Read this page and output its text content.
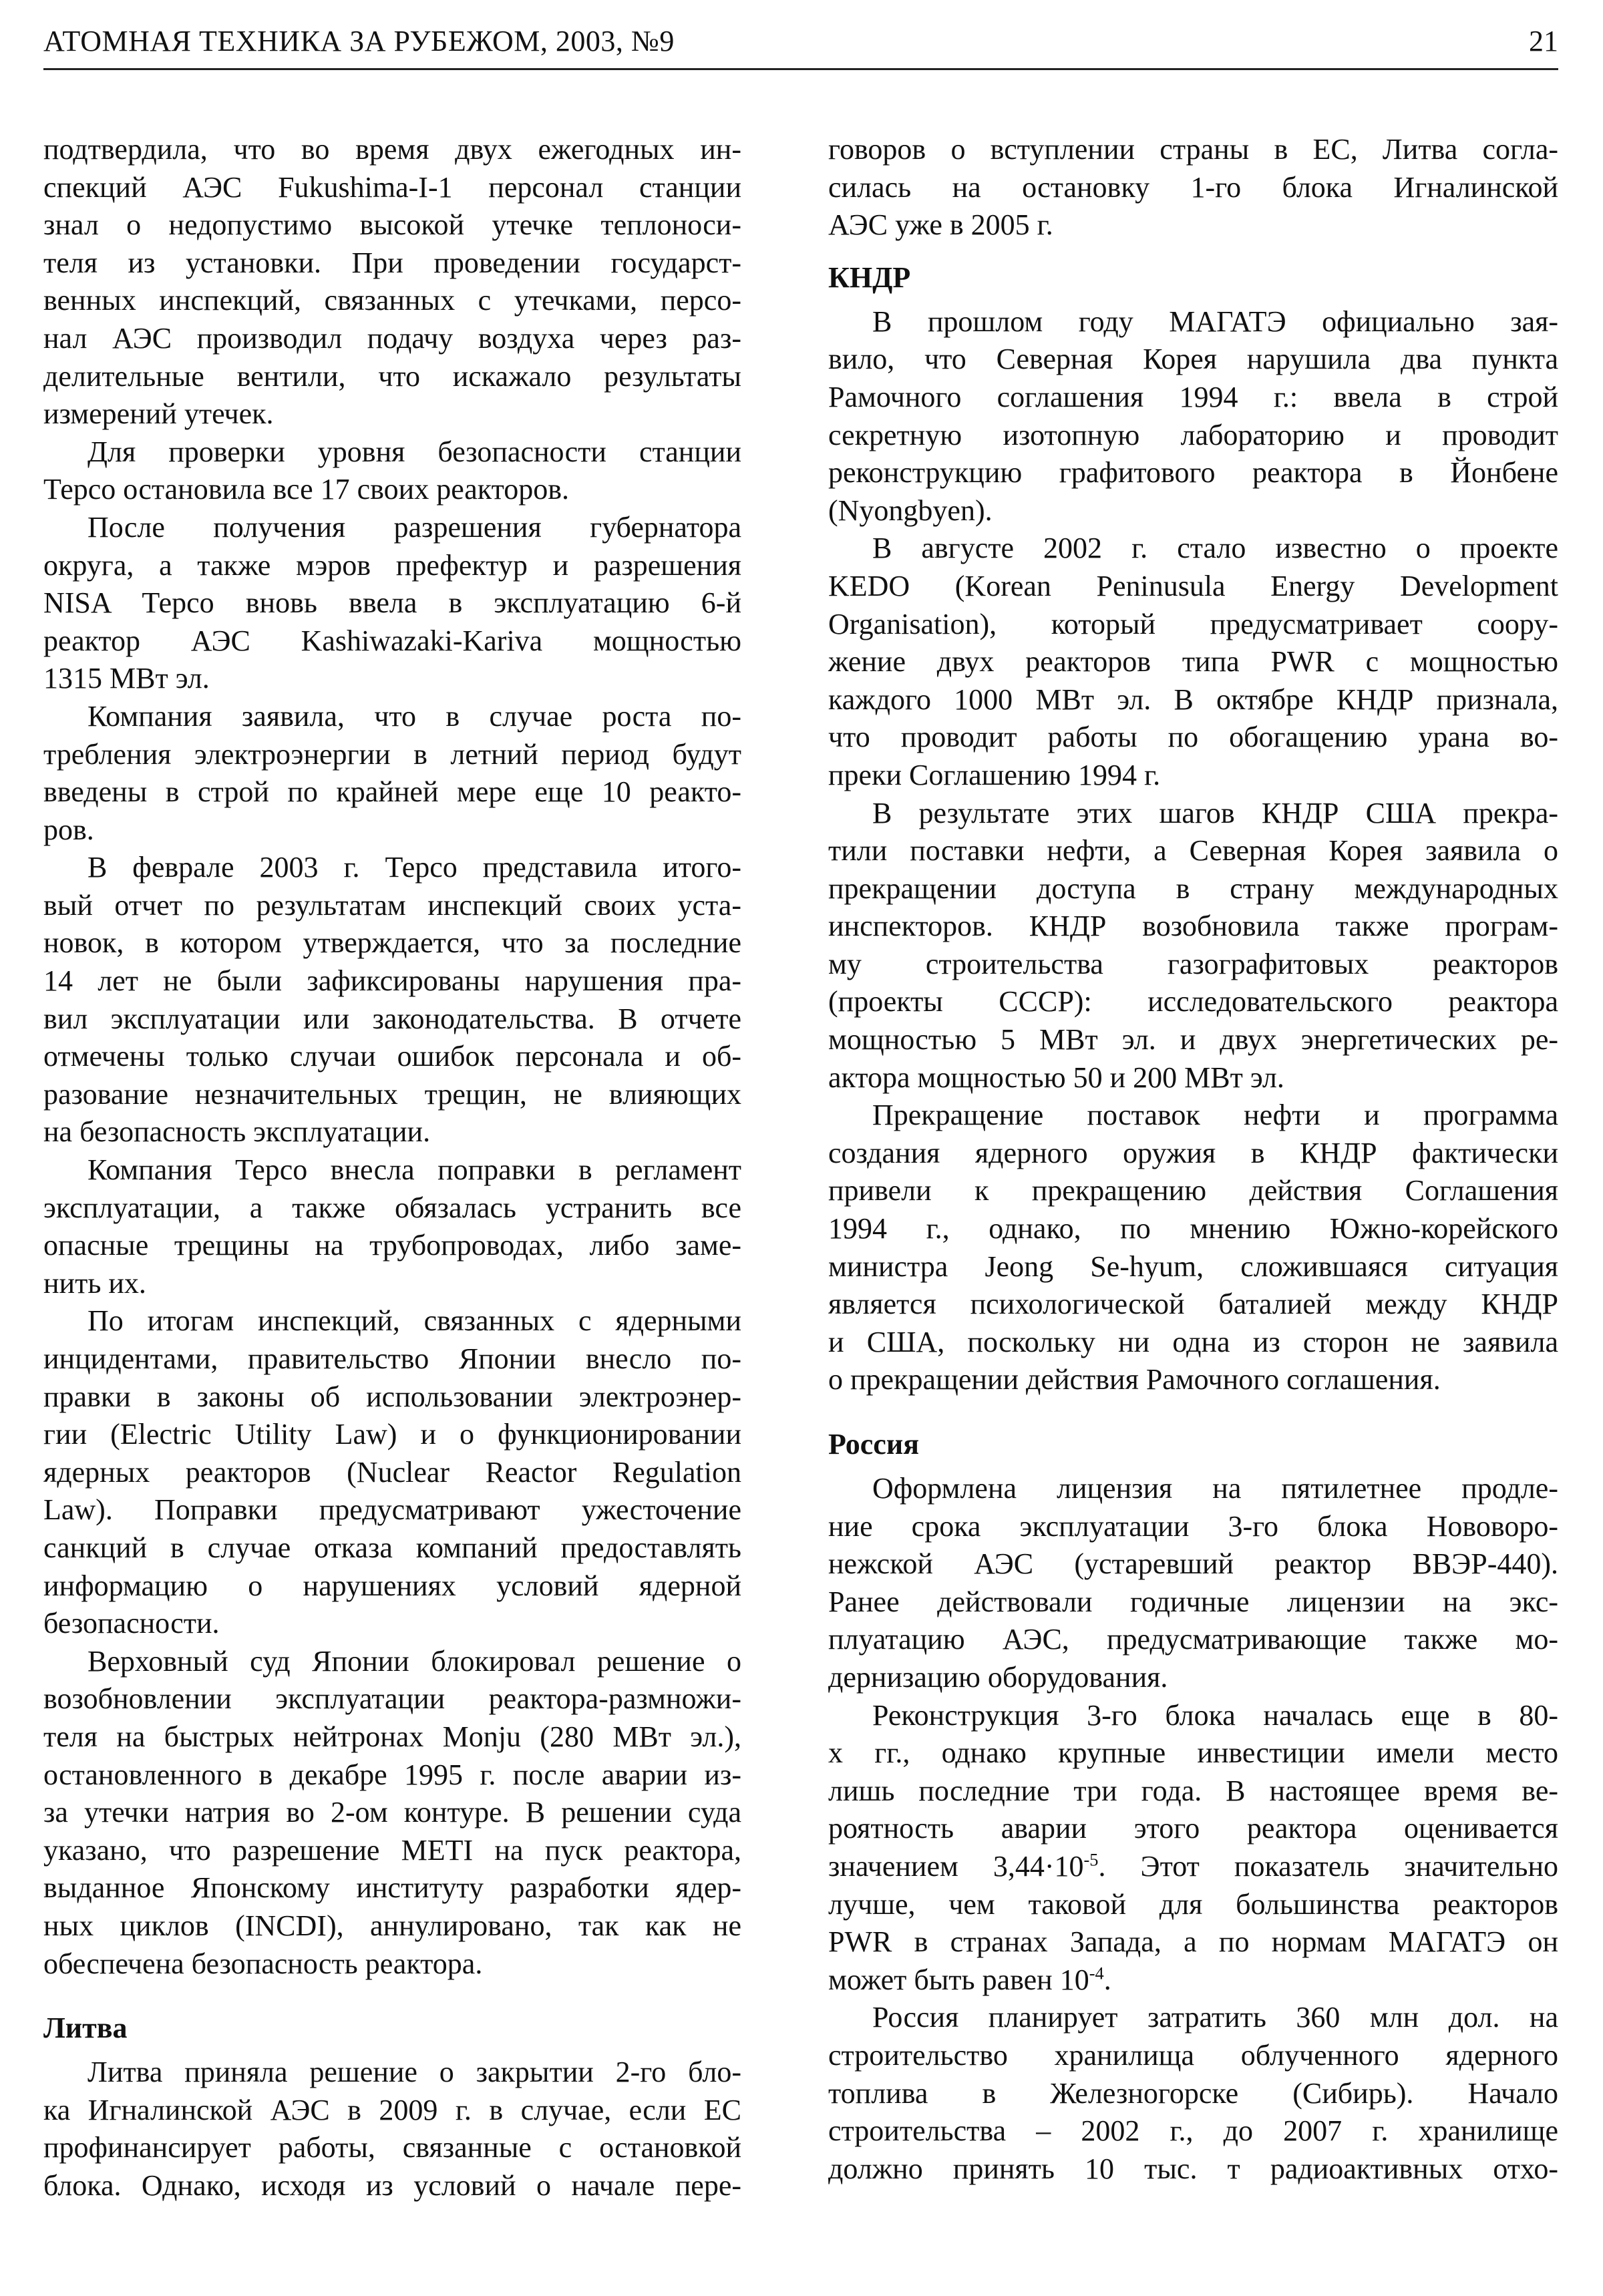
АТОМНАЯ ТЕХНИКА ЗА РУБЕЖОМ, 2003, №9	21
подтвердила, что во время двух ежегодных ин-
спекций АЭС Fukushima-I-1 персонал станции
знал о недопустимо высокой утечке теплоноси-
теля из установки. При проведении государст-
венных инспекций, связанных с утечками, персо-
нал АЭС производил подачу воздуха через раз-
делительные вентили, что искажало результаты
измерений утечек.
Для проверки уровня безопасности станции
Терсо остановила все 17 своих реакторов.
После получения разрешения губернатора
округа, а также мэров префектур и разрешения
NISA Терсо вновь ввела в эксплуатацию 6-й
реактор АЭС Kashiwazaki-Kariva мощностью
1315 МВт эл.
Компания заявила, что в случае роста по-
требления электроэнергии в летний период будут
введены в строй по крайней мере еще 10 реакто-
ров.
В феврале 2003 г. Терсо представила итого-
вый отчет по результатам инспекций своих уста-
новок, в котором утверждается, что за последние
14 лет не были зафиксированы нарушения пра-
вил эксплуатации или законодательства. В отчете
отмечены только случаи ошибок персонала и об-
разование незначительных трещин, не влияющих
на безопасность эксплуатации.
Компания Терсо внесла поправки в регламент
эксплуатации, а также обязалась устранить все
опасные трещины на трубопроводах, либо заме-
нить их.
По итогам инспекций, связанных с ядерными
инцидентами, правительство Японии внесло по-
правки в законы об использовании электроэнер-
гии (Electric Utility Law) и о функционировании
ядерных реакторов (Nuclear Reactor Regulation
Law). Поправки предусматривают ужесточение
санкций в случае отказа компаний предоставлять
информацию о нарушениях условий ядерной
безопасности.
Верховный суд Японии блокировал решение о
возобновлении эксплуатации реактора-размножи-
теля на быстрых нейтронах Monju (280 МВт эл.),
остановленного в декабре 1995 г. после аварии из-
за утечки натрия во 2-ом контуре. В решении суда
указано, что разрешение METI на пуск реактора,
выданное Японскому институту разработки ядер-
ных циклов (INCDI), аннулировано, так как не
обеспечена безопасность реактора.
Литва
Литва приняла решение о закрытии 2-го бло-
ка Игналинской АЭС в 2009 г. в случае, если ЕС
профинансирует работы, связанные с остановкой
блока. Однако, исходя из условий о начале пере-
говоров о вступлении страны в ЕС, Литва согла-
силась на остановку 1-го блока Игналинской
АЭС уже в 2005 г.
КНДР
В прошлом году МАГАТЭ официально зая-
вило, что Северная Корея нарушила два пункта
Рамочного соглашения 1994 г.: ввела в строй
секретную изотопную лабораторию и проводит
реконструкцию графитового реактора в Йонбене
(Nyongbyen).
В августе 2002 г. стало известно о проекте
KEDO (Korean Peninusula Energy Development
Organisation), который предусматривает соору-
жение двух реакторов типа PWR с мощностью
каждого 1000 МВт эл. В октябре КНДР признала,
что проводит работы по обогащению урана во-
преки Соглашению 1994 г.
В результате этих шагов КНДР США прекра-
тили поставки нефти, а Северная Корея заявила о
прекращении доступа в страну международных
инспекторов. КНДР возобновила также програм-
му строительства газографитовых реакторов
(проекты СССР): исследовательского реактора
мощностью 5 МВт эл. и двух энергетических ре-
актора мощностью 50 и 200 МВт эл.
Прекращение поставок нефти и программа
создания ядерного оружия в КНДР фактически
привели к прекращению действия Соглашения
1994 г., однако, по мнению Южно-корейского
министра Jeong Se-hyum, сложившаяся ситуация
является психологической баталией между КНДР
и США, поскольку ни одна из сторон не заявила
о прекращении действия Рамочного соглашения.
Россия
Оформлена лицензия на пятилетнее продле-
ние срока эксплуатации 3-го блока Нововоро-
нежской АЭС (устаревший реактор ВВЭР-440).
Ранее действовали годичные лицензии на экс-
плуатацию АЭС, предусматривающие также мо-
дернизацию оборудования.
Реконструкция 3-го блока началась еще в 80-
х гг., однако крупные инвестиции имели место
лишь последние три года. В настоящее время ве-
роятность аварии этого реактора оценивается
значением $3,44\cdot 10^{-5}$. Этот показатель значительно
лучше, чем таковой для большинства реакторов
PWR в странах Запада, а по нормам МАГАТЭ он
может быть равен $10^{-4}$.
Россия планирует затратить 360 млн дол. на
строительство хранилища облученного ядерного
топлива в Железногорске (Сибирь). Начало
строительства – 2002 г., до 2007 г. хранилище
должно принять 10 тыс. т радиоактивных отхо-
